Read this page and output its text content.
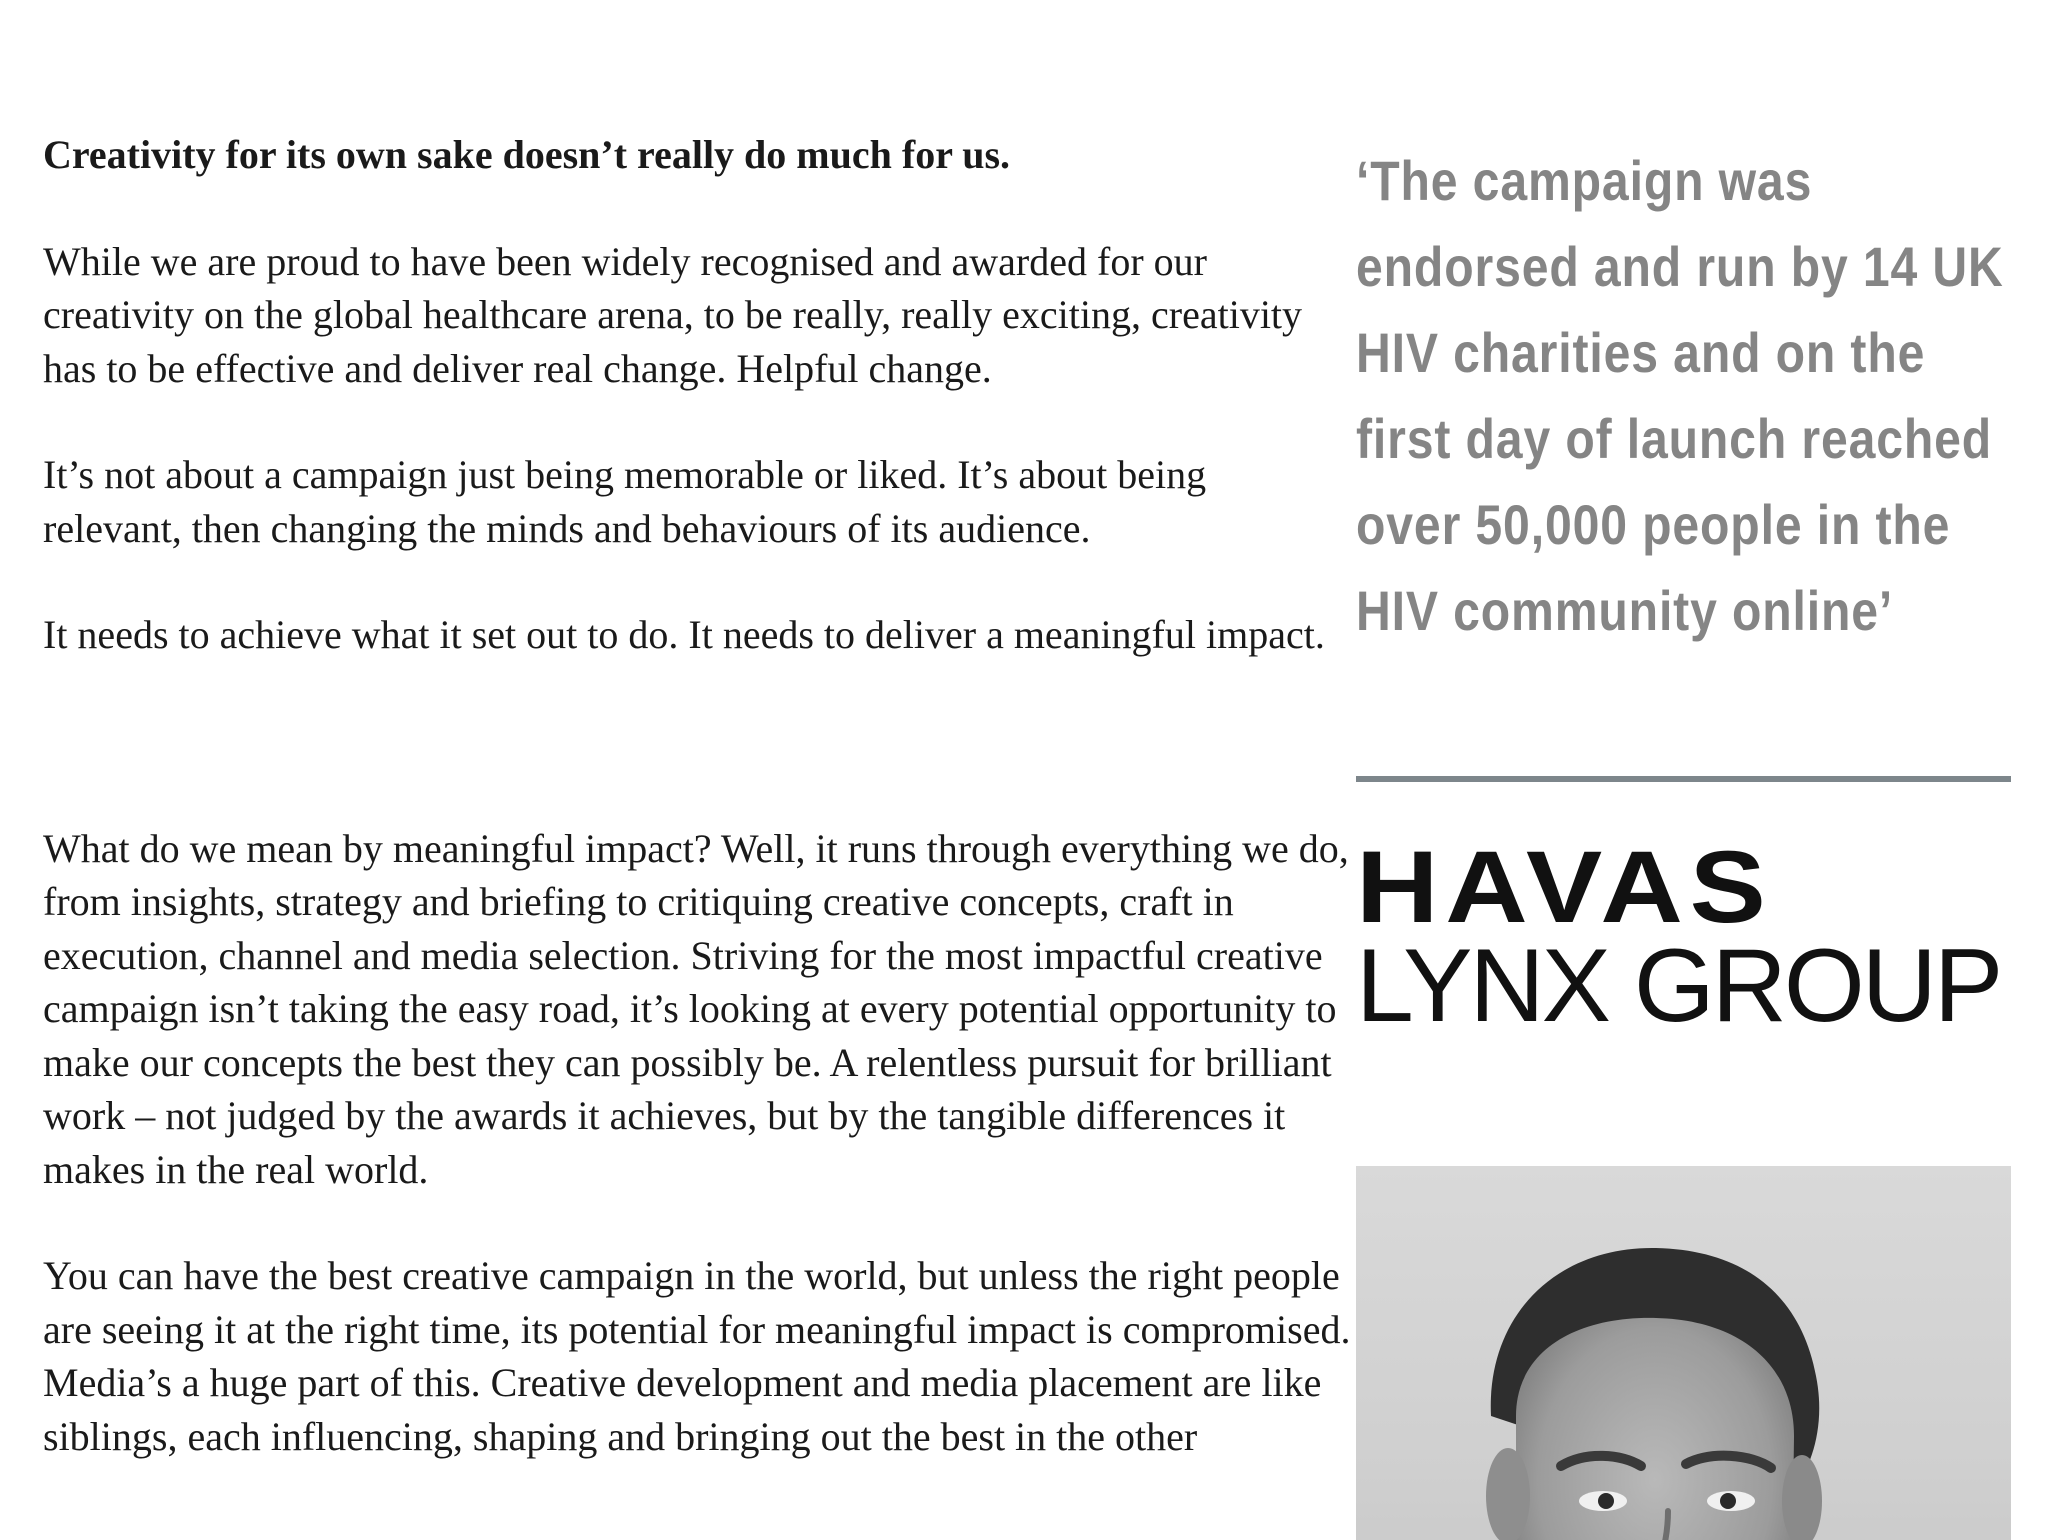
Creativity for its own sake doesn’t really do much for us.

While we are proud to have been widely recognised and awarded for our creativity on the global healthcare arena, to be really, really exciting, creativity has to be effective and deliver real change. Helpful change.

It’s not about a campaign just being memorable or liked. It’s about being relevant, then changing the minds and behaviours of its audience.

It needs to achieve what it set out to do. It needs to deliver a meaningful impact.

What do we mean by meaningful impact? Well, it runs through everything we do, from insights, strategy and briefing to critiquing creative concepts, craft in execution, channel and media selection. Striving for the most impactful creative campaign isn’t taking the easy road, it’s looking at every potential opportunity to make our concepts the best they can possibly be. A relentless pursuit for brilliant work – not judged by the awards it achieves, but by the tangible differences it makes in the real world.

You can have the best creative campaign in the world, but unless the right people are seeing it at the right time, its potential for meaningful impact is compromised. Media’s a huge part of this. Creative development and media placement are like siblings, each influencing, shaping and bringing out the best in the other

‘The campaign was endorsed and run by 14 UK HIV charities and on the first day of launch reached over 50,000 people in the HIV community online’

HAVAS
LYNX GROUP
